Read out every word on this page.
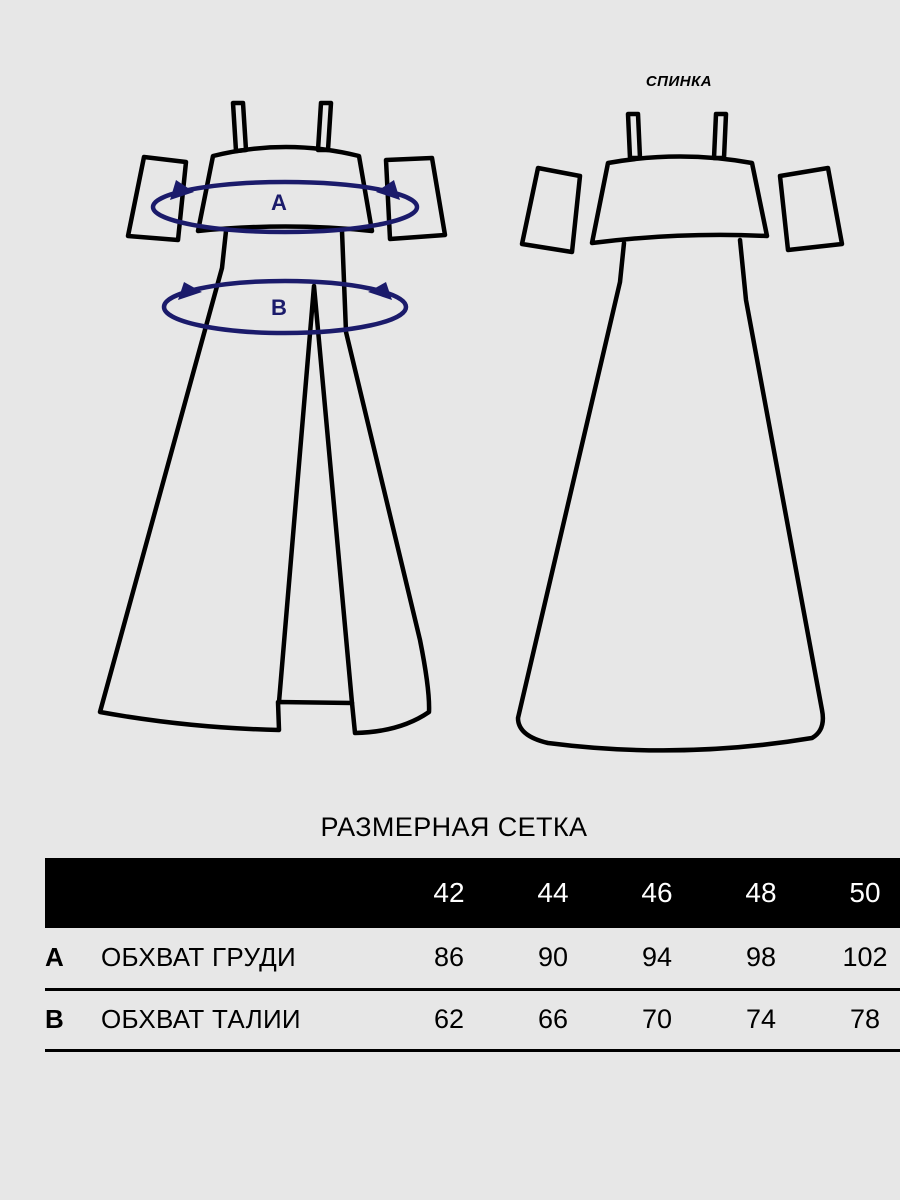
A
B
СПИНКА
РАЗМЕРНАЯ СЕТКА
		42	44	46	48	50
A	ОБХВАТ ГРУДИ	86	90	94	98	102
B	ОБХВАТ ТАЛИИ	62	66	70	74	78
